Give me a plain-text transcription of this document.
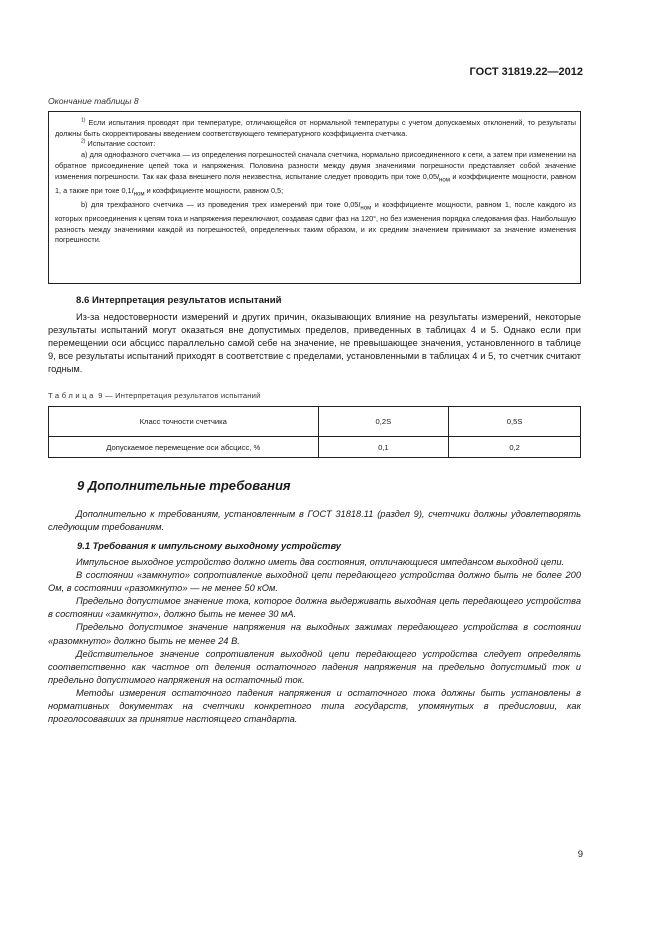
ГОСТ 31819.22—2012
Окончание таблицы 8

$^{1)}$ Если испытания проводят при температуре, отличающейся от нормальной температуры с учетом допускаемых отклонений, то результаты должны быть скорректированы введением соответствующего температурного коэффициента счетчика.

$^{2)}$ Испытание состоит:

а) для однофазного счетчика — из определения погрешностей сначала счетчика, нормально присоединенного к сети, а затем при изменении на обратное присоединение цепей тока и напряжения. Половина разности между двумя значениями погрешности представляет собой значение изменения погрешности. Так как фаза внешнего поля неизвестна, испытание следует проводить при токе $0,05I_{ном}$ и коэффициенте мощности, равном 1, а также при токе $0,1I_{ном}$ и коэффициенте мощности, равном 0,5;

b) для трехфазного счетчика — из проведения трех измерений при токе $0,05I_{ном}$ и коэффициенте мощности, равном 1, после каждого из которых присоединения к цепям тока и напряжения переключают, создавая сдвиг фаз на 120°, но без изменения порядка следования фаз. Наибольшую разность между значениями каждой из погрешностей, определенных таким образом, и их средним значением принимают за значение изменения погрешности.

8.6 Интерпретация результатов испытаний

Из-за недостоверности измерений и других причин, оказывающих влияние на результаты измерений, некоторые результаты испытаний могут оказаться вне допустимых пределов, приведенных в таблицах 4 и 5. Однако если при перемещении оси абсцисс параллельно самой себе на значение, не превышающее значения, установленного в таблице 9, все результаты испытаний приходят в соответствие с пределами, установленными в таблицах 4 и 5, то счетчик считают годным.

Таблица 9 — Интерпретация результатов испытаний
Класс точности счетчика	0,2S	0,5S
Допускаемое перемещение оси абсцисс, %	0,1	0,2
9 Дополнительные требования

Дополнительно к требованиям, установленным в ГОСТ 31818.11 (раздел 9), счетчики должны удовлетворять следующим требованиям.

9.1 Требования к импульсному выходному устройству

Импульсное выходное устройство должно иметь два состояния, отличающиеся импедансом выходной цепи.

В состоянии «замкнуто» сопротивление выходной цепи передающего устройства должно быть не более 200 Ом, в состоянии «разомкнуто» — не менее 50 кОм.

Предельно допустимое значение тока, которое должна выдерживать выходная цепь передающего устройства в состоянии «замкнуто», должно быть не менее 30 мА.

Предельно допустимое значение напряжения на выходных зажимах передающего устройства в состоянии «разомкнуто» должно быть не менее 24 В.

Действительное значение сопротивления выходной цепи передающего устройства следует определять соответственно как частное от деления остаточного падения напряжения на предельно допустимый ток и предельно допустимого напряжения на остаточный ток.

Методы измерения остаточного падения напряжения и остаточного тока должны быть установлены в нормативных документах на счетчики конкретного типа государств, упомянутых в предисловии, как проголосовавших за принятие настоящего стандарта.

9
